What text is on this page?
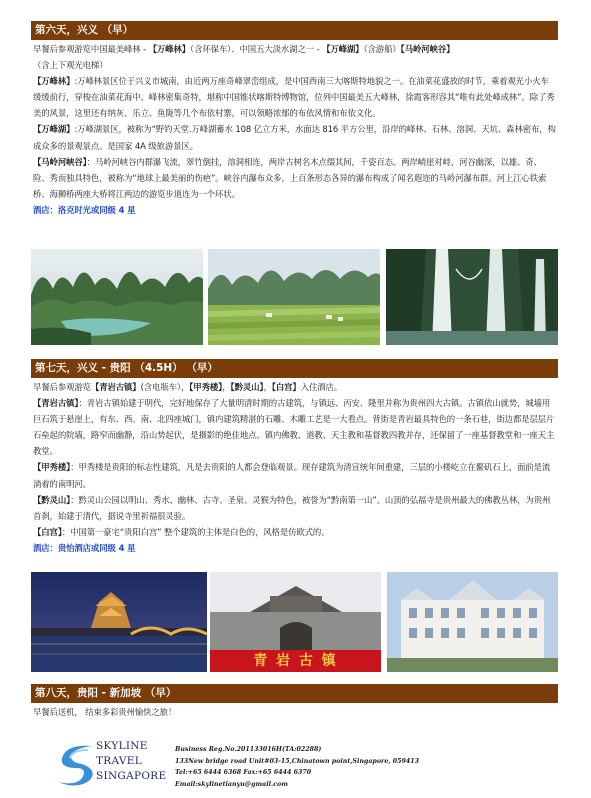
第六天，兴义 （早）

早餐后参观游览中国最美峰林 - 【万峰林】（含环保车）、中国五大淡水湖之一 - 【万峰湖】（含游船）【马岭河峡谷】
（含上下观光电梯）

【万峰林】:万峰林景区位于兴义市城南，由近两万座奇峰翠峦组成，是中国西南三大喀斯特地貌之一。在油菜花盛放的时节，乘着观光小火车缓缓前行，穿梭在油菜花海中。峰林密集奇特，堪称中国锥状喀斯特博物馆，位列中国最美五大峰林，徐霞客形容其“唯有此处峰成林”。除了秀美的风景，这里还有纳灰、乐立、鱼陇等几个布依村寨，可以领略浓郁的布依风情和布依文化。

【万峰湖】:万峰湖景区，被称为“野钓天堂.万峰湖蓄水 108 亿立方米，水面达 816 平方公里，沿岸的峰林、石林、溶洞、天坑、森林密布，构成众多的景观景点。是国家 4A 级旅游景区。

【马岭河峡谷】：马岭河峡谷内群瀑飞流，翠竹倒挂，溶洞相连，两岸古树名木点缀其间，千姿百态。两岸峭崖对峙，河谷幽深，以雄、奇、险、秀而独具特色，被称为“地球上最美丽的伤疤”。峡谷内瀑布众多，上百条形态各异的瀑布构成了闻名遐迩的马岭河瀑布群。河上江心铁索桥、海狮桥两座大桥将江两边的游览步道连为一个环状。

酒店：洛克时光或同级 4 星

第七天，兴义 - 贵阳 （4.5H） （早）

早餐后参观游览【青岩古镇】(含电瓶车），【甲秀楼】，【黔灵山】，【白宫】入住酒店。

【青岩古镇】：青岩古镇始建于明代，完好地保存了大量明清时期的古建筑，与镇远、丙安、隆里并称为贵州四大古镇。古镇依山就势，城墙用巨石筑于悬崖上，有东、西、南、北四座城门，镇内建筑精湛的石雕、木雕工艺是一大看点。背街是青岩最具特色的一条石巷，街边都是层层片石垒起的院墙，路窄而幽静，沿山势起伏，是摄影的绝佳地点。镇内佛教、道教、天主教和基督教四教并存，还保留了一座基督教堂和一座天主教堂。

【甲秀楼】：甲秀楼是贵阳的标志性建筑，凡是去贵阳的人都会登临观景。现存建筑为清宣统年间重建，三层的小楼屹立在鳌矶石上，面前是流淌着的南明河。

【黔灵山】：黔灵山公园以明山、秀水、幽林、古寺、圣泉、灵猴为特色，被誉为“黔南第一山”。山顶的弘福寺是贵州最大的佛教丛林，为贵州首刹，始建于清代，据说寺里祈福很灵验。

【白宫】：中国第一豪宅“贵阳白宫” 整个建筑的主体是白色的，风格是仿欧式的。

酒店：贵怡酒店或同级 4 星

青 岩 古 镇
第八天，贵阳 - 新加坡 （早）

早餐后送机， 结束多彩贵州愉快之旅！

SKYLINE
TRAVEL
SINGAPORE
Business Reg.No.201133016H(TA:02288)
133New bridge road Unit#03-15,Chinatown point,Singapore, 059413
Tel:+65 6444 6368 Fax:+65 6444 6370
Email:skylinetianyu@gmail.com
